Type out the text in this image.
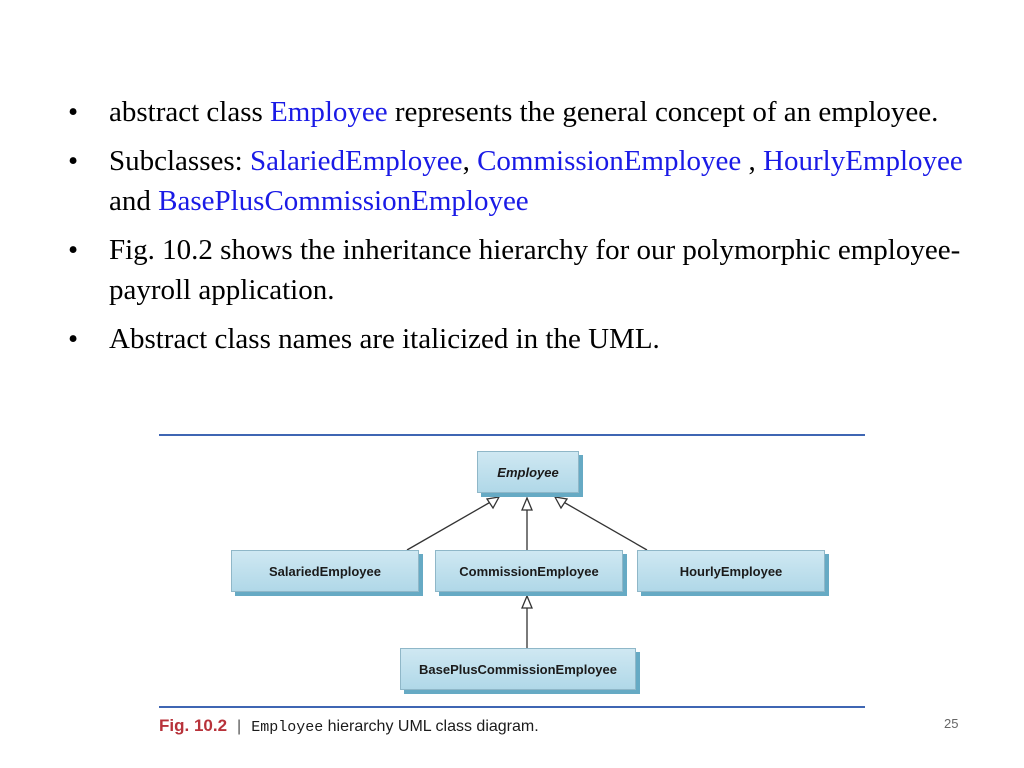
• abstract class Employee represents the general concept of an employee.
• Subclasses: SalariedEmployee, CommissionEmployee , HourlyEmployee and BasePlusCommissionEmployee
• Fig. 10.2 shows the inheritance hierarchy for our polymorphic employee-payroll application.
• Abstract class names are italicized in the UML.
Employee
SalariedEmployee	CommissionEmployee	HourlyEmployee
BasePlusCommissionEmployee
Fig. 10.2 | Employee hierarchy UML class diagram.	25
